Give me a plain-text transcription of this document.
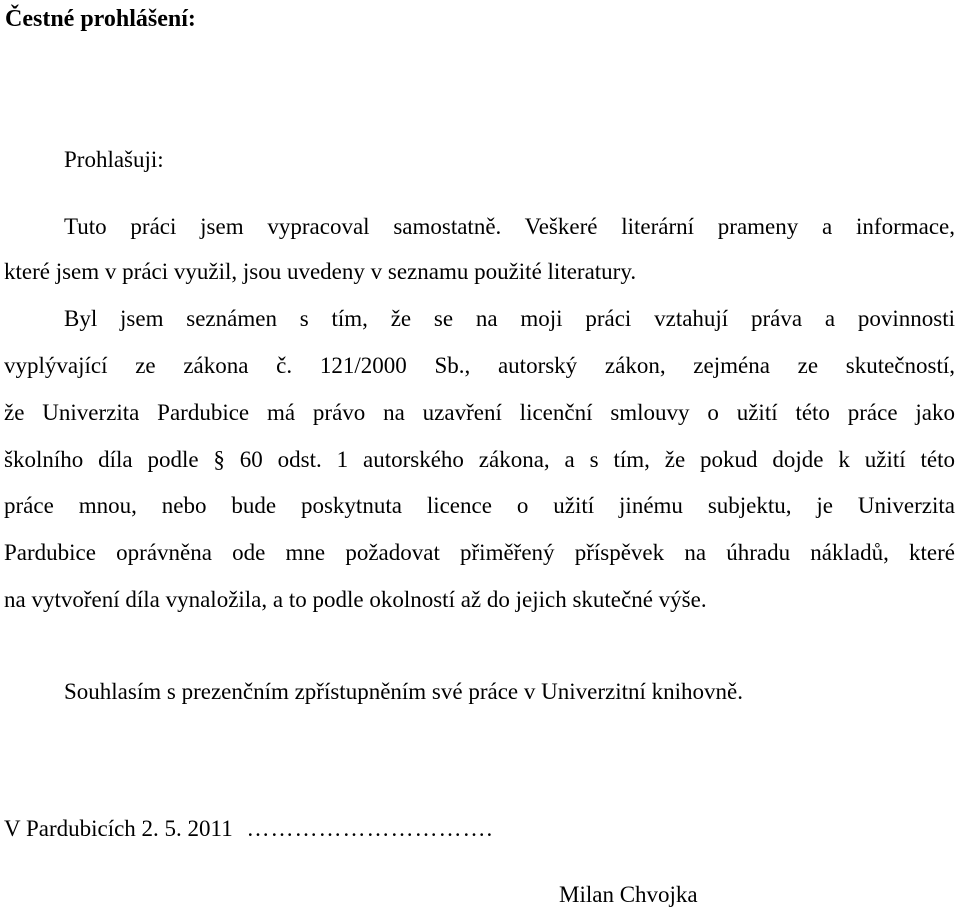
Čestné prohlášení:
Prohlašuji:
Tuto práci jsem vypracoval samostatně. Veškeré literární prameny a informace,
které jsem v práci využil, jsou uvedeny v seznamu použité literatury.
Byl jsem seznámen s tím, že se na moji práci vztahují práva a povinnosti
vyplývající ze zákona č. 121/2000 Sb., autorský zákon, zejména ze skutečností,
že Univerzita Pardubice má právo na uzavření licenční smlouvy o užití této práce jako
školního díla podle § 60 odst. 1 autorského zákona, a s tím, že pokud dojde k užití této
práce mnou, nebo bude poskytnuta licence o užití jinému subjektu, je Univerzita
Pardubice oprávněna ode mne požadovat přiměřený příspěvek na úhradu nákladů, které
na vytvoření díla vynaložila, a to podle okolností až do jejich skutečné výše.
Souhlasím s prezenčním zpřístupněním své práce v Univerzitní knihovně.
V Pardubicích 2. 5. 2011 ………………………….
Milan Chvojka
